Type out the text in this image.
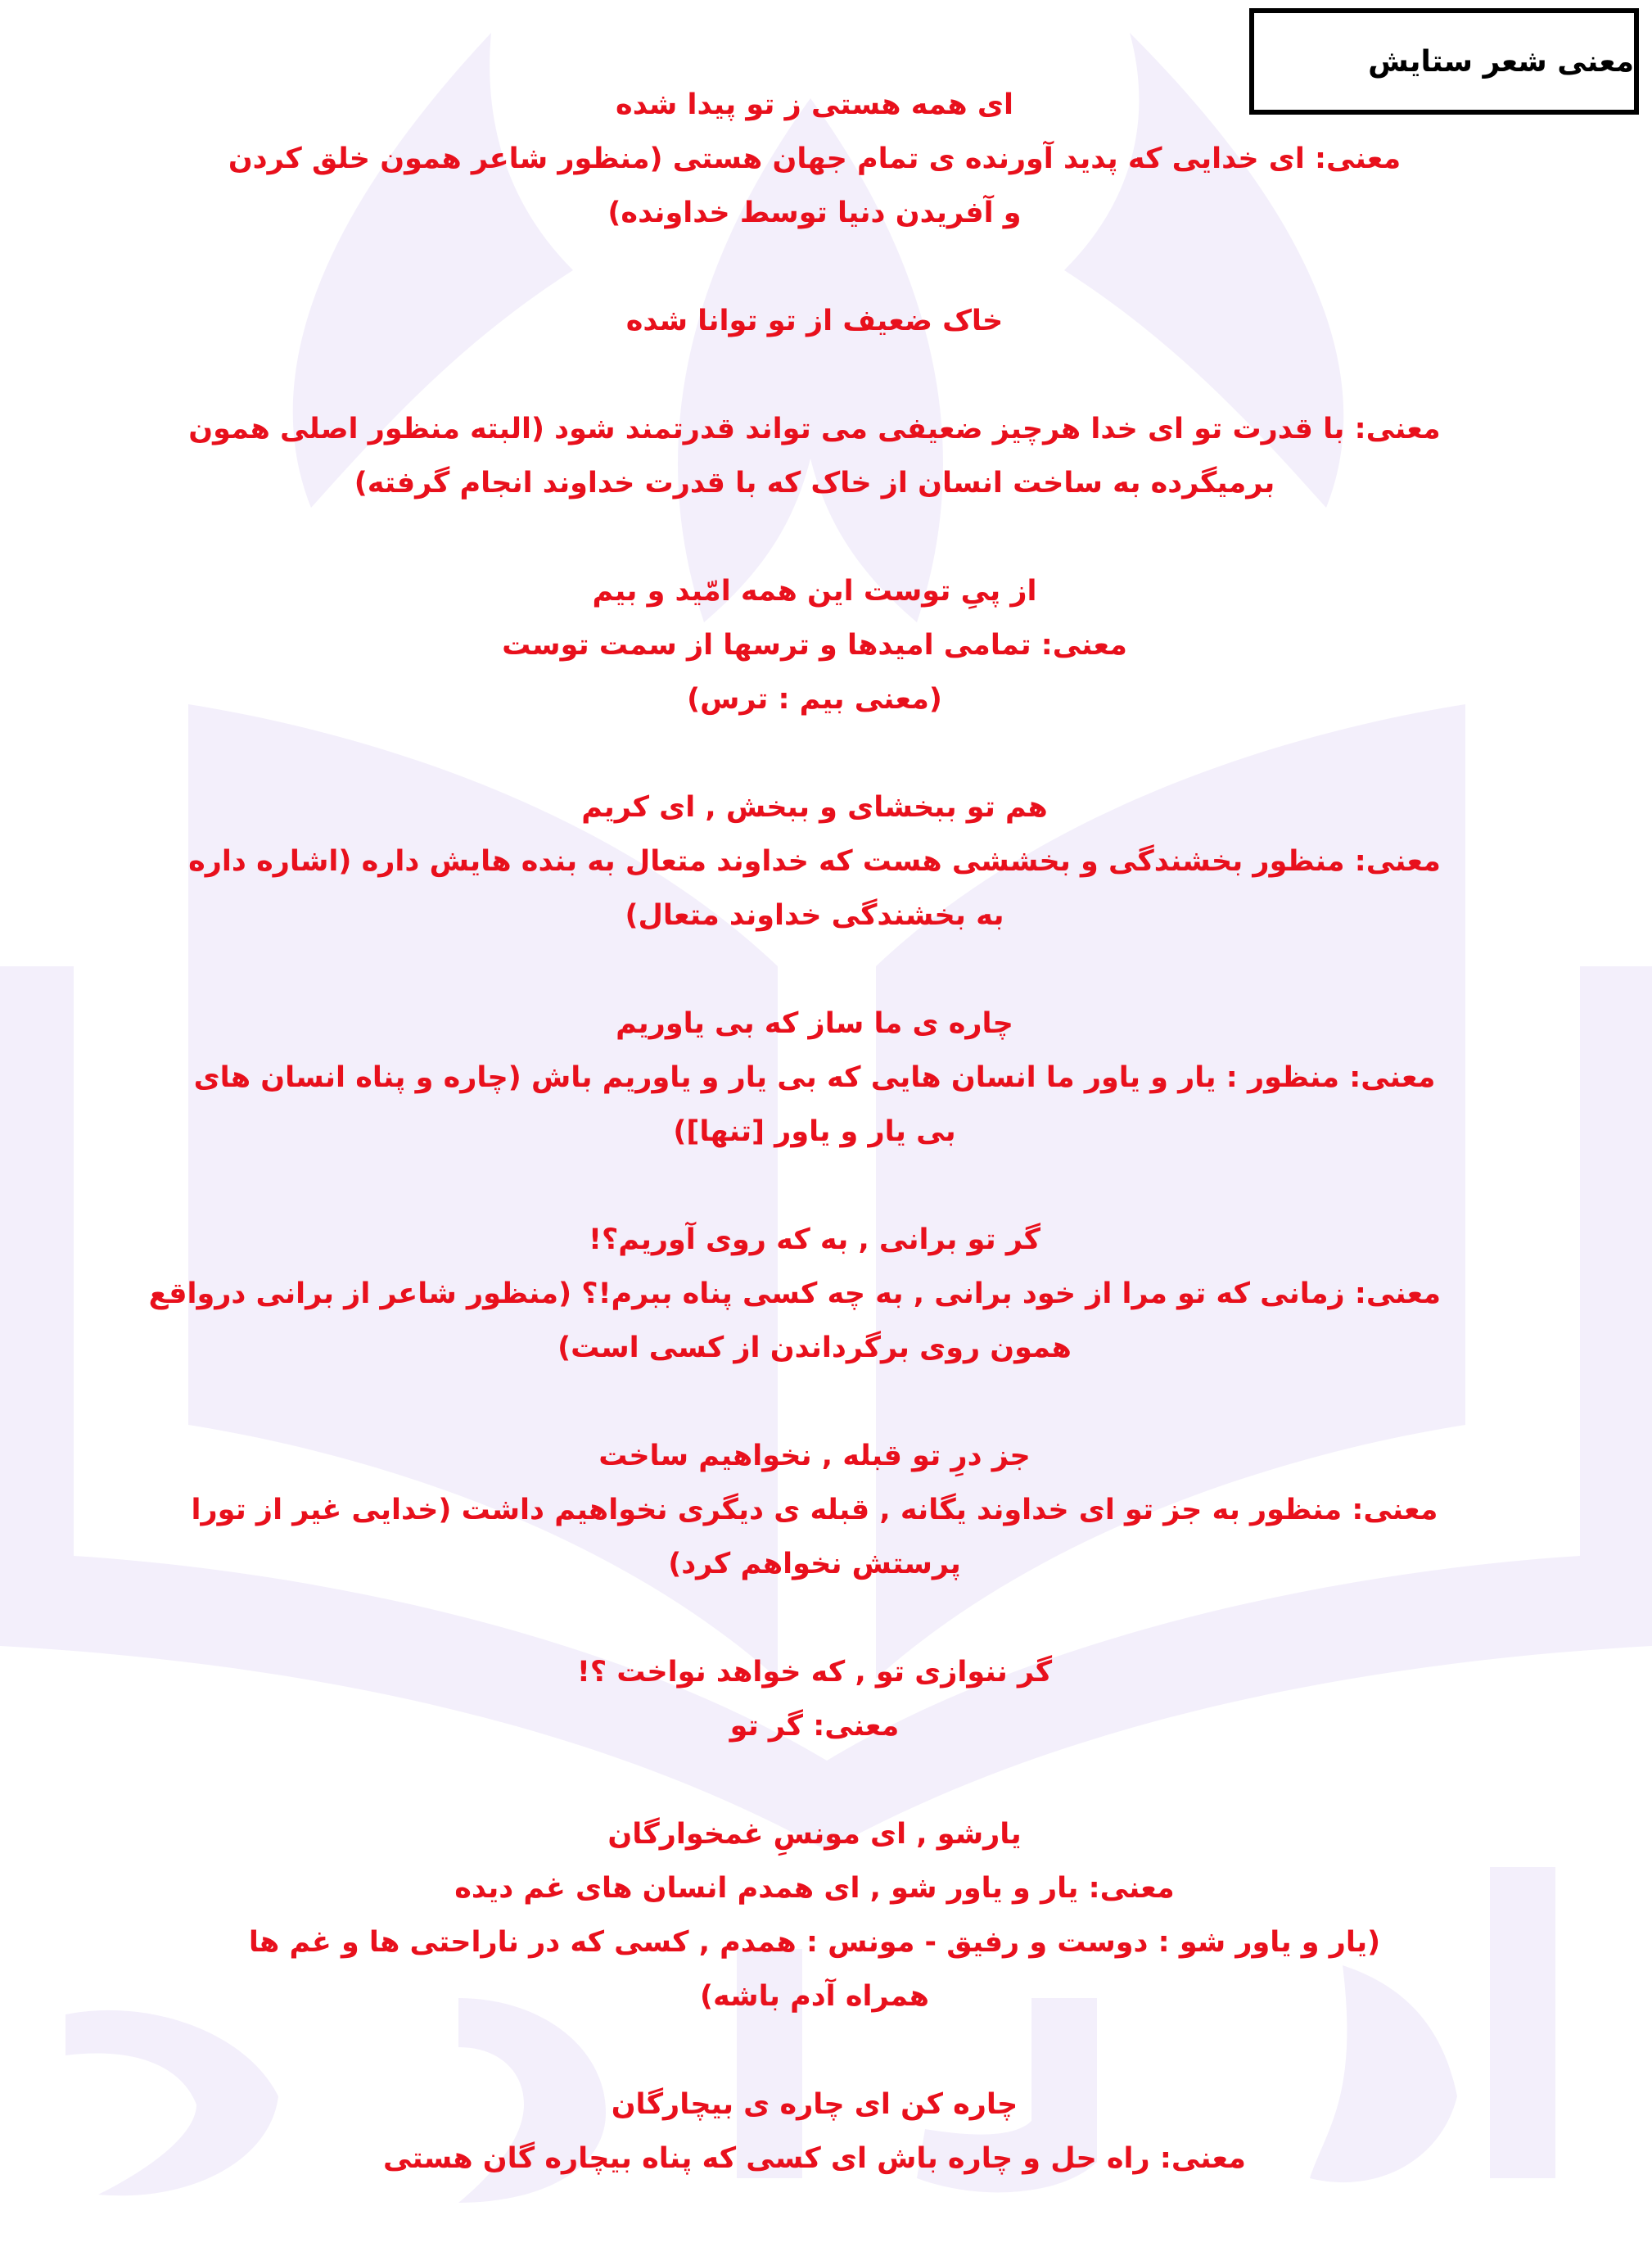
معنی شعر ستایش
ای همه هستی ز تو پیدا شده
معنی: ای خدایی که پدید آورنده ی تمام جهان هستی (منظور شاعر همون خلق کردن
و آفریدن دنیا توسط خداونده)
خاک ضعیف از تو توانا شده
معنی: با قدرت تو ای خدا هرچیز ضعیفی می تواند قدرتمند شود (البته منظور اصلی همون
برمیگرده به ساخت انسان از خاک که با قدرت خداوند انجام گرفته)
از پیِ توست این همه امّید و بیم
معنی: تمامی امیدها و ترسها از سمت توست
(معنی بیم : ترس)
هم تو ببخشای و ببخش , ای کریم
معنی: منظور بخشندگی و بخششی هست که خداوند متعال به بنده هایش داره (اشاره داره
به بخشندگی خداوند متعال)
چاره ی ما ساز که بی یاوریم
معنی: منظور : یار و یاور ما انسان هایی که بی یار و یاوریم باش (چاره و پناه انسان های
بی یار و یاور [تنها])
گر تو برانی , به که روی آوریم؟!
معنی: زمانی که تو مرا از خود برانی , به چه کسی پناه ببرم!؟ (منظور شاعر از برانی درواقع
همون روی برگرداندن از کسی است)
جز درِ تو قبله , نخواهیم ساخت
معنی: منظور به جز تو ای خداوند یگانه , قبله ی دیگری نخواهیم داشت (خدایی غیر از تورا
پرستش نخواهم کرد)
گر ننوازی تو , که خواهد نواخت ؟!
معنی: گر تو
یارشو , ای مونسِ غمخوارگان
معنی: یار و یاور شو , ای همدم انسان های غم دیده
(یار و یاور شو : دوست و رفیق - مونس : همدم , کسی که در ناراحتی ها و غم ها
همراه آدم باشه)
چاره کن ای چاره ی بیچارگان
معنی: راه حل و چاره باش ای کسی که پناه بیچاره گان هستی
